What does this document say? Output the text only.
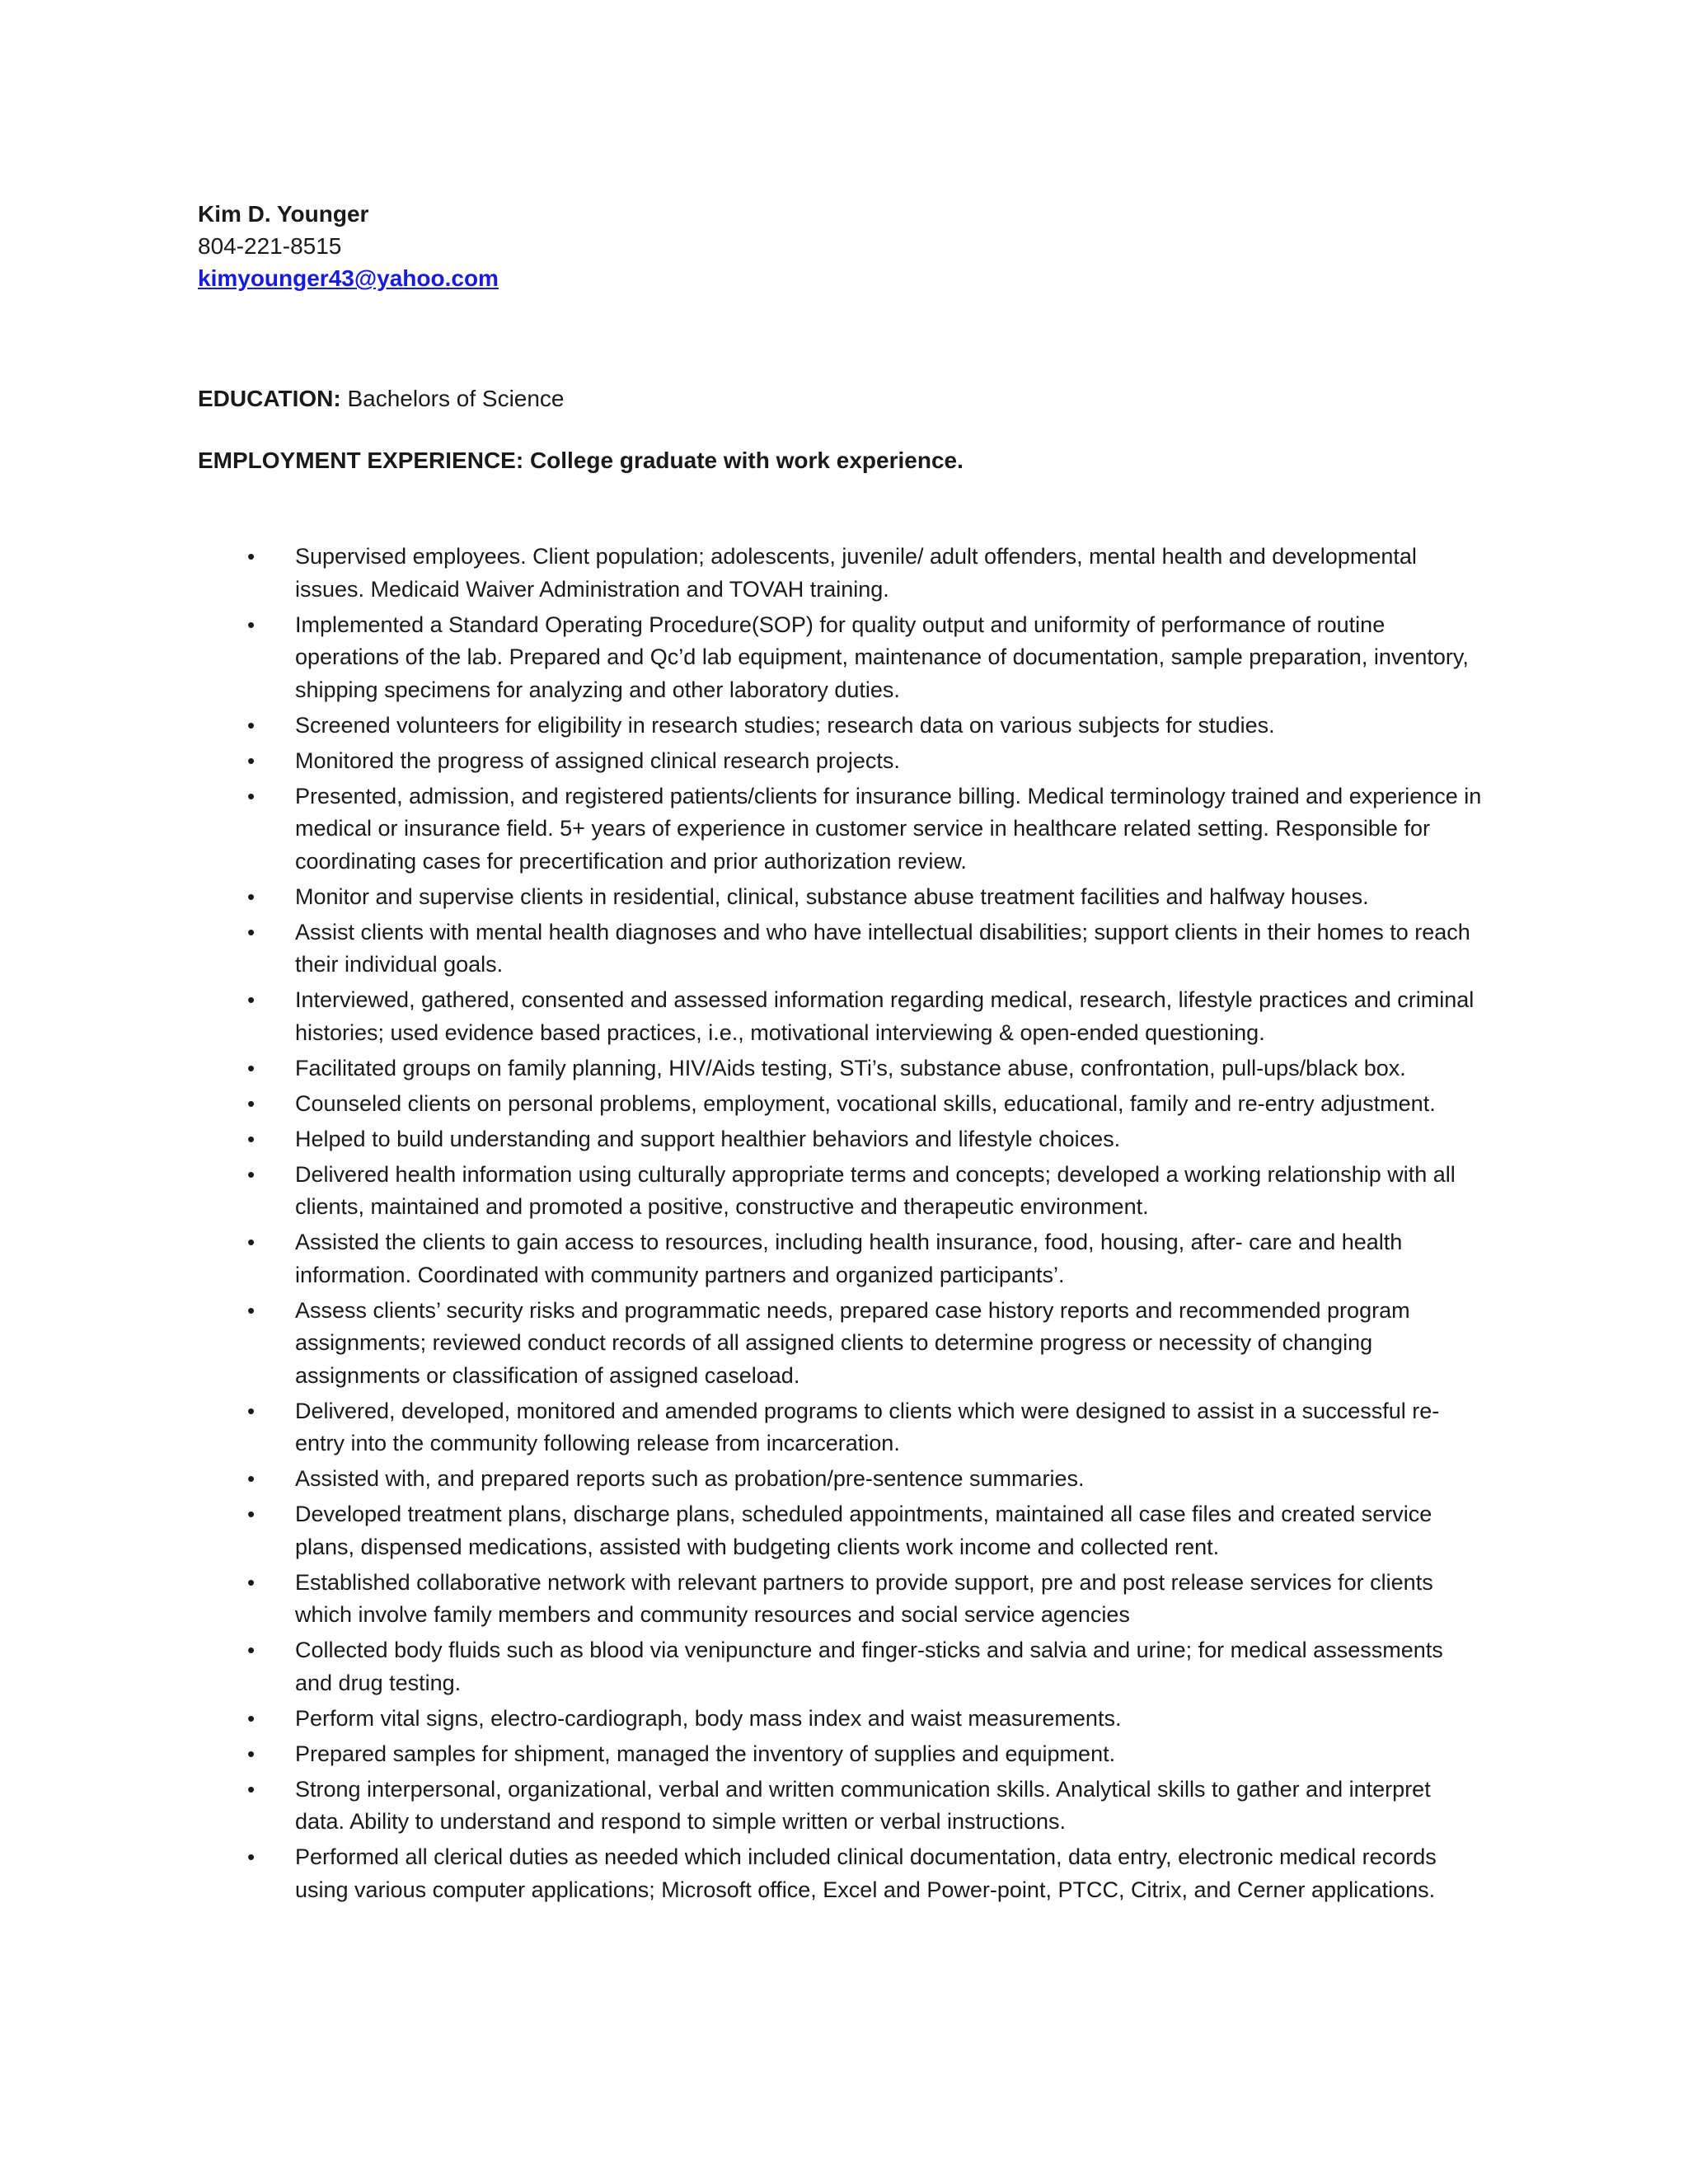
Kim D. Younger
804-221-8515
kimyounger43@yahoo.com
EDUCATION: Bachelors of Science
EMPLOYMENT EXPERIENCE: College graduate with work experience.
• Supervised employees. Client population; adolescents, juvenile/ adult offenders, mental health and developmental issues. Medicaid Waiver Administration and TOVAH training.
• Implemented a Standard Operating Procedure(SOP) for quality output and uniformity of performance of routine operations of the lab. Prepared and Qc’d lab equipment, maintenance of documentation, sample preparation, inventory, shipping specimens for analyzing and other laboratory duties.
• Screened volunteers for eligibility in research studies; research data on various subjects for studies.
• Monitored the progress of assigned clinical research projects.
• Presented, admission, and registered patients/clients for insurance billing. Medical terminology trained and experience in medical or insurance field. 5+ years of experience in customer service in healthcare related setting. Responsible for coordinating cases for precertification and prior authorization review.
• Monitor and supervise clients in residential, clinical, substance abuse treatment facilities and halfway houses.
• Assist clients with mental health diagnoses and who have intellectual disabilities; support clients in their homes to reach their individual goals.
• Interviewed, gathered, consented and assessed information regarding medical, research, lifestyle practices and criminal histories; used evidence based practices, i.e., motivational interviewing & open-ended questioning.
• Facilitated groups on family planning, HIV/Aids testing, STi’s, substance abuse, confrontation, pull-ups/black box.
• Counseled clients on personal problems, employment, vocational skills, educational, family and re-entry adjustment.
• Helped to build understanding and support healthier behaviors and lifestyle choices.
• Delivered health information using culturally appropriate terms and concepts; developed a working relationship with all clients, maintained and promoted a positive, constructive and therapeutic environment.
• Assisted the clients to gain access to resources, including health insurance, food, housing, after- care and health information. Coordinated with community partners and organized participants’.
• Assess clients’ security risks and programmatic needs, prepared case history reports and recommended program assignments; reviewed conduct records of all assigned clients to determine progress or necessity of changing assignments or classification of assigned caseload.
• Delivered, developed, monitored and amended programs to clients which were designed to assist in a successful re-entry into the community following release from incarceration.
• Assisted with, and prepared reports such as probation/pre-sentence summaries.
• Developed treatment plans, discharge plans, scheduled appointments, maintained all case files and created service plans, dispensed medications, assisted with budgeting clients work income and collected rent.
• Established collaborative network with relevant partners to provide support, pre and post release services for clients which involve family members and community resources and social service agencies
• Collected body fluids such as blood via venipuncture and finger-sticks and salvia and urine; for medical assessments and drug testing.
• Perform vital signs, electro-cardiograph, body mass index and waist measurements.
• Prepared samples for shipment, managed the inventory of supplies and equipment.
• Strong interpersonal, organizational, verbal and written communication skills. Analytical skills to gather and interpret data. Ability to understand and respond to simple written or verbal instructions.
• Performed all clerical duties as needed which included clinical documentation, data entry, electronic medical records using various computer applications; Microsoft office, Excel and Power-point, PTCC, Citrix, and Cerner applications.
